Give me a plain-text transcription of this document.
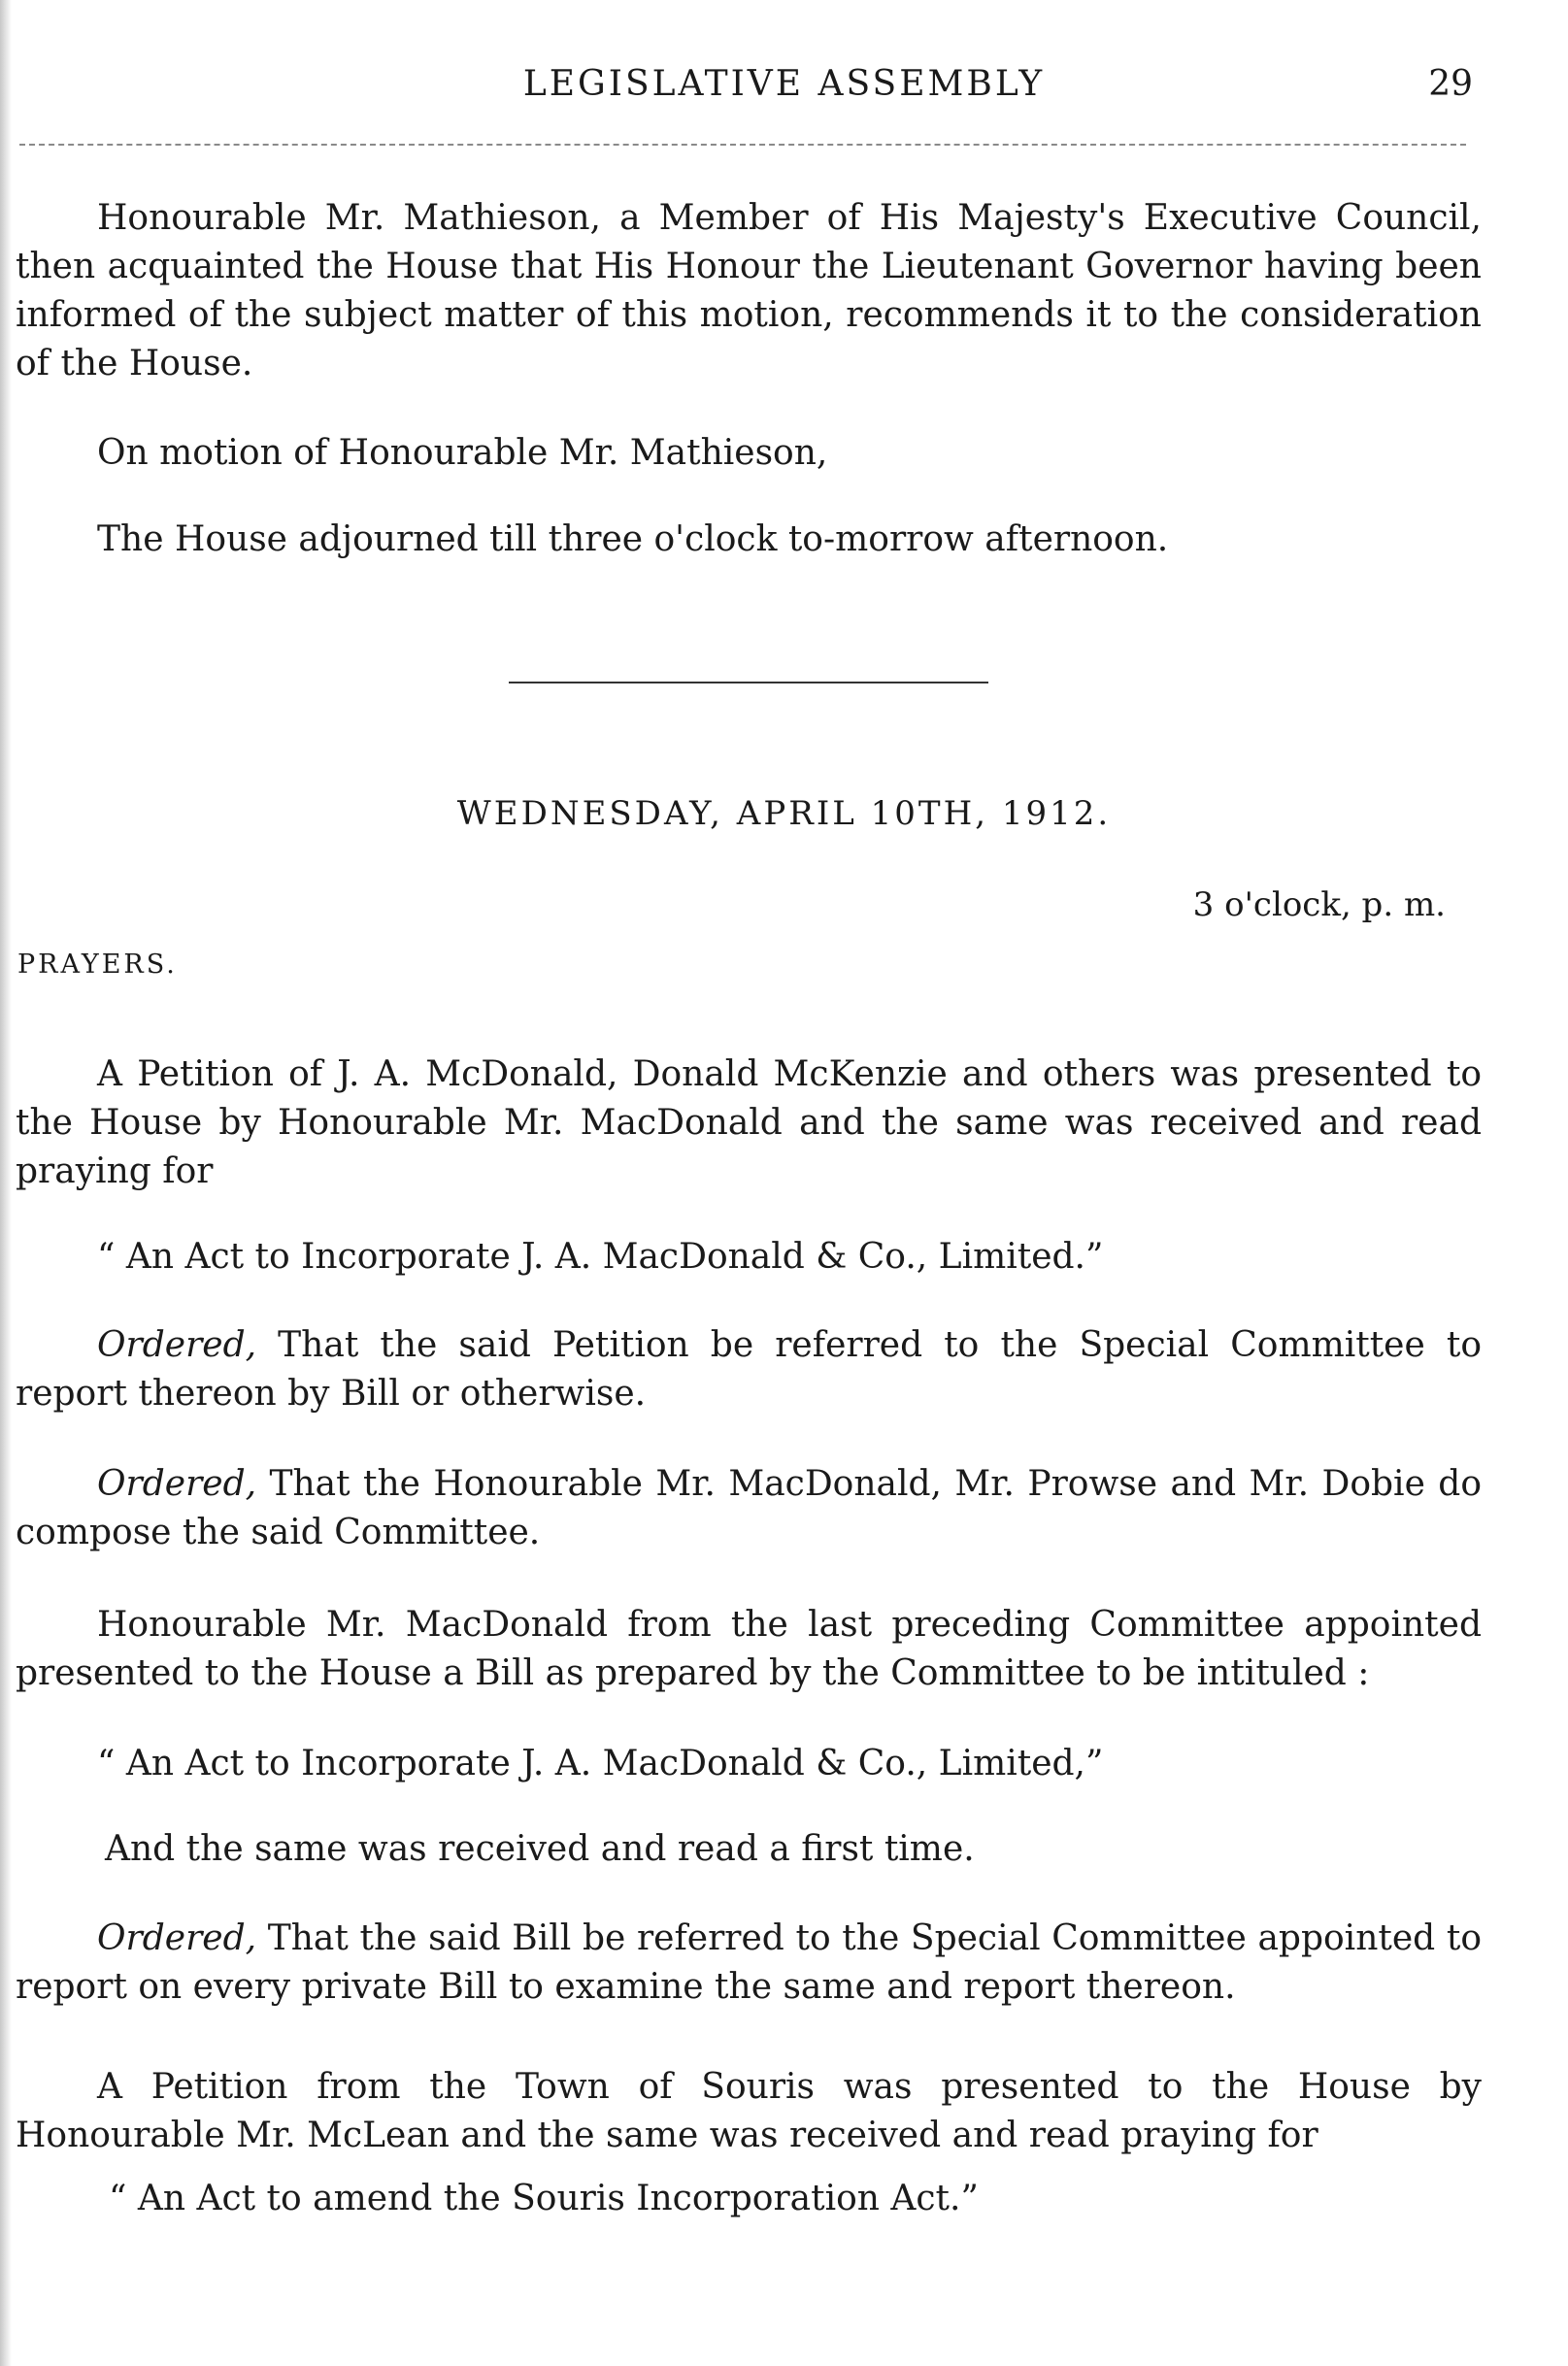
LEGISLATIVE ASSEMBLY	29

Honourable Mr. Mathieson, a Member of His Majesty's Executive Council, then acquainted the House that His Honour the Lieutenant Governor having been informed of the subject matter of this motion, recommends it to the consideration of the House.

On motion of Honourable Mr. Mathieson,

The House adjourned till three o'clock to-morrow afternoon.

WEDNESDAY, APRIL 10TH, 1912.
3 o'clock, p. m.
PRAYERS.

A Petition of J. A. McDonald, Donald McKenzie and others was presented to the House by Honourable Mr. MacDonald and the same was received and read praying for

“ An Act to Incorporate J. A. MacDonald & Co., Limited.”

Ordered, That the said Petition be referred to the Special Committee to report thereon by Bill or otherwise.

Ordered, That the Honourable Mr. MacDonald, Mr. Prowse and Mr. Dobie do compose the said Committee.

Honourable Mr. MacDonald from the last preceding Committee appointed presented to the House a Bill as prepared by the Committee to be intituled :

“ An Act to Incorporate J. A. MacDonald & Co., Limited,”

And the same was received and read a first time.

Ordered, That the said Bill be referred to the Special Committee appointed to report on every private Bill to examine the same and report thereon.

A Petition from the Town of Souris was presented to the House by Honourable Mr. McLean and the same was received and read praying for

“ An Act to amend the Souris Incorporation Act.”
